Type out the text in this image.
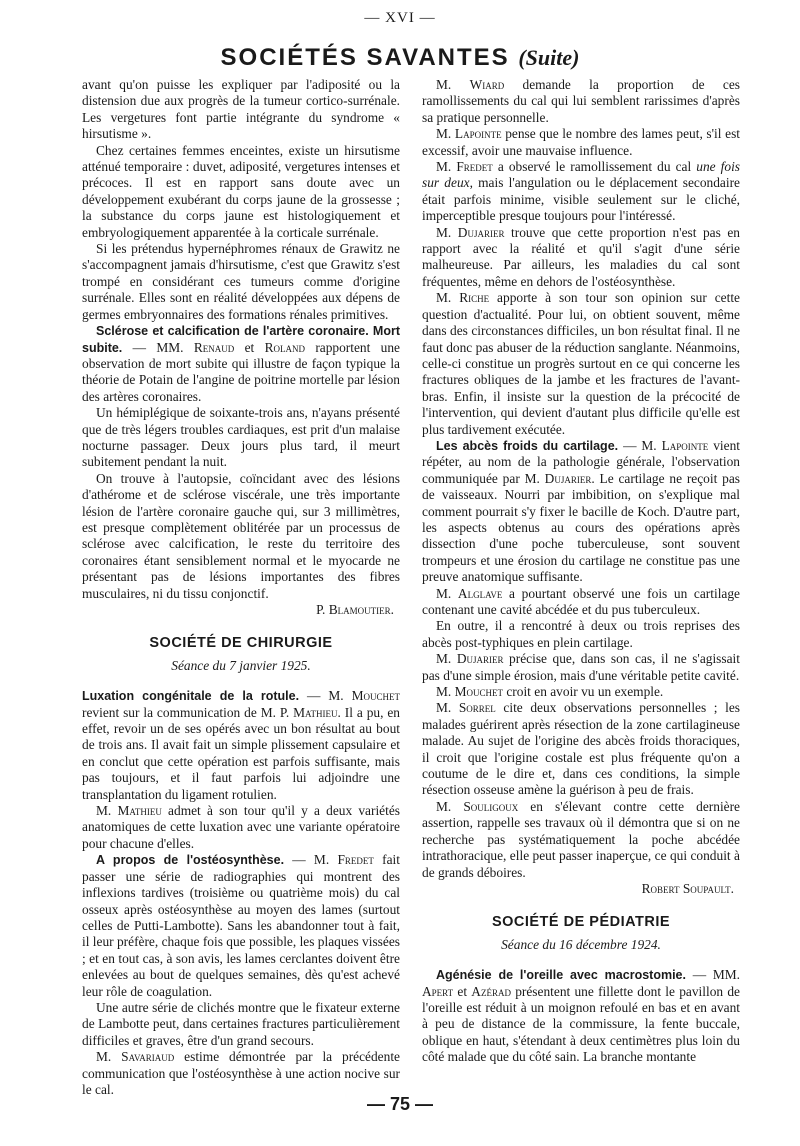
— XVI —
SOCIÉTÉS SAVANTES (Suite)

avant qu'on puisse les expliquer par l'adiposité ou la distension due aux progrès de la tumeur cortico-surrénale. Les vergetures font partie intégrante du syndrome « hirsutisme ».

Chez certaines femmes enceintes, existe un hirsutisme atténué temporaire : duvet, adiposité, vergetures intenses et précoces. Il est en rapport sans doute avec un développement exubérant du corps jaune de la grossesse ; la substance du corps jaune est histologiquement et embryologiquement apparentée à la corticale surrénale.

Si les prétendus hypernéphromes rénaux de Grawitz ne s'accompagnent jamais d'hirsutisme, c'est que Grawitz s'est trompé en considérant ces tumeurs comme d'origine surrénale. Elles sont en réalité développées aux dépens de germes embryonnaires des formations rénales primitives.

Sclérose et calcification de l'artère coronaire. Mort subite. — MM. Renaud et Roland rapportent une observation de mort subite qui illustre de façon typique la théorie de Potain de l'angine de poitrine mortelle par lésion des artères coronaires.

Un hémiplégique de soixante-trois ans, n'ayans présenté que de très légers troubles cardiaques, est prit d'un malaise nocturne passager. Deux jours plus tard, il meurt subitement pendant la nuit.

On trouve à l'autopsie, coïncidant avec des lésions d'athérome et de sclérose viscérale, une très importante lésion de l'artère coronaire gauche qui, sur 3 millimètres, est presque complètement oblitérée par un processus de sclérose avec calcification, le reste du territoire des coronaires étant sensiblement normal et le myocarde ne présentant pas de lésions importantes des fibres musculaires, ni du tissu conjonctif.

P. Blamoutier.

SOCIÉTÉ DE CHIRURGIE
Séance du 7 janvier 1925.

Luxation congénitale de la rotule. — M. Mouchet revient sur la communication de M. P. Mathieu. Il a pu, en effet, revoir un de ses opérés avec un bon résultat au bout de trois ans. Il avait fait un simple plissement capsulaire et en conclut que cette opération est parfois suffisante, mais pas toujours, et il faut parfois lui adjoindre une transplantation du ligament rotulien.

M. Mathieu admet à son tour qu'il y a deux variétés anatomiques de cette luxation avec une variante opératoire pour chacune d'elles.

A propos de l'ostéosynthèse. — M. Fredet fait passer une série de radiographies qui montrent des inflexions tardives (troisième ou quatrième mois) du cal osseux après ostéosynthèse au moyen des lames (surtout celles de Putti-Lambotte). Sans les abandonner tout à fait, il leur préfère, chaque fois que possible, les plaques vissées ; et en tout cas, à son avis, les lames cerclantes doivent être enlevées au bout de quelques semaines, dès qu'est achevé leur rôle de coagulation.

Une autre série de clichés montre que le fixateur externe de Lambotte peut, dans certaines fractures particulièrement difficiles et graves, être d'un grand secours.

M. Savariaud estime démontrée par la précédente communication que l'ostéosynthèse à une action nocive sur le cal.

M. Wiard demande la proportion de ces ramollissements du cal qui lui semblent rarissimes d'après sa pratique personnelle.

M. Lapointe pense que le nombre des lames peut, s'il est excessif, avoir une mauvaise influence.

M. Fredet a observé le ramollissement du cal une fois sur deux, mais l'angulation ou le déplacement secondaire était parfois minime, visible seulement sur le cliché, imperceptible presque toujours pour l'intéressé.

M. Dujarier trouve que cette proportion n'est pas en rapport avec la réalité et qu'il s'agit d'une série malheureuse. Par ailleurs, les maladies du cal sont fréquentes, même en dehors de l'ostéosynthèse.

M. Riche apporte à son tour son opinion sur cette question d'actualité. Pour lui, on obtient souvent, même dans des circonstances difficiles, un bon résultat final. Il ne faut donc pas abuser de la réduction sanglante. Néanmoins, celle-ci constitue un progrès surtout en ce qui concerne les fractures obliques de la jambe et les fractures de l'avant-bras. Enfin, il insiste sur la question de la précocité de l'intervention, qui devient d'autant plus difficile qu'elle est plus tardivement exécutée.

Les abcès froids du cartilage. — M. Lapointe vient répéter, au nom de la pathologie générale, l'observation communiquée par M. Dujarier. Le cartilage ne reçoit pas de vaisseaux. Nourri par imbibition, on s'explique mal comment pourrait s'y fixer le bacille de Koch. D'autre part, les aspects obtenus au cours des opérations après dissection d'une poche tuberculeuse, sont souvent trompeurs et une érosion du cartilage ne constitue pas une preuve anatomique suffisante.

M. Alglave a pourtant observé une fois un cartilage contenant une cavité abcédée et du pus tuberculeux.

En outre, il a rencontré à deux ou trois reprises des abcès post-typhiques en plein cartilage.

M. Dujarier précise que, dans son cas, il ne s'agissait pas d'une simple érosion, mais d'une véritable petite cavité.

M. Mouchet croit en avoir vu un exemple.

M. Sorrel cite deux observations personnelles ; les malades guérirent après résection de la zone cartilagineuse malade. Au sujet de l'origine des abcès froids thoraciques, il croit que l'origine costale est plus fréquente qu'on a coutume de le dire et, dans ces conditions, la simple résection osseuse amène la guérison à peu de frais.

M. Souligoux en s'élevant contre cette dernière assertion, rappelle ses travaux où il démontra que si on ne recherche pas systématiquement la poche abcédée intrathoracique, elle peut passer inaperçue, ce qui conduit à de grands déboires.

Robert Soupault.

SOCIÉTÉ DE PÉDIATRIE
Séance du 16 décembre 1924.

Agénésie de l'oreille avec macrostomie. — MM. Apert et Azérad présentent une fillette dont le pavillon de l'oreille est réduit à un moignon refoulé en bas et en avant à peu de distance de la commissure, la fente buccale, oblique en haut, s'étendant à deux centimètres plus loin du côté malade que du côté sain. La branche montante

— 75 —
